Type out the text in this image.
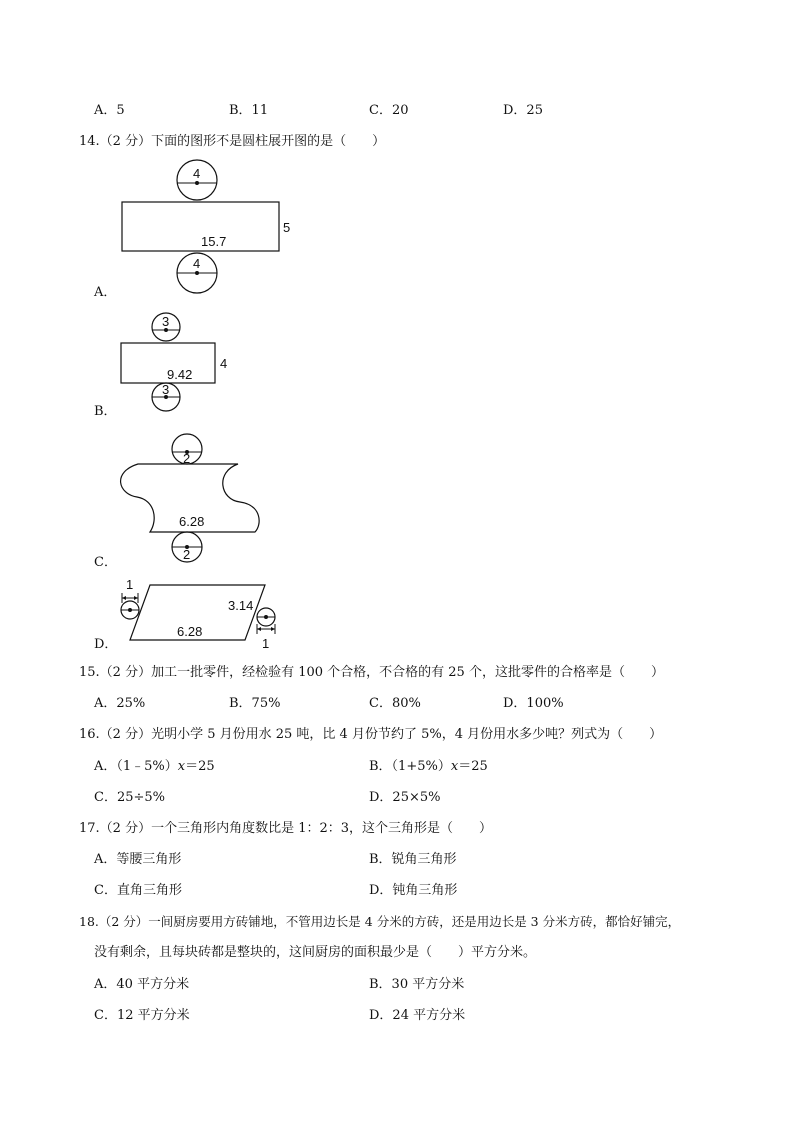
A．5	B．11	C．20	D．25
14.（2 分）下面的图形不是圆柱展开图的是（　　）
4
15.7
5
4
A．
3
9.42
4
3
B．
2
6.28
2
C．
1
3.14
6.28
1
D．
15.（2 分）加工一批零件，经检验有 100 个合格，不合格的有 25 个，这批零件的合格率是（　　）
A．25%	B．75%	C．80%	D．100%
16.（2 分）光明小学 5 月份用水 25 吨，比 4 月份节约了 5%，4 月份用水多少吨？列式为（　　）
A．（1﹣5%）x＝25	B．（1+5%）x＝25
C．25÷5%	D．25×5%
17.（2 分）一个三角形内角度数比是 1：2：3，这个三角形是（　　）
A．等腰三角形	B．锐角三角形
C．直角三角形	D．钝角三角形
18.（2 分）一间厨房要用方砖铺地，不管用边长是 4 分米的方砖，还是用边长是 3 分米方砖，都恰好铺完，
没有剩余，且每块砖都是整块的，这间厨房的面积最少是（　　）平方分米。
A．40 平方分米	B．30 平方分米
C．12 平方分米	D．24 平方分米
